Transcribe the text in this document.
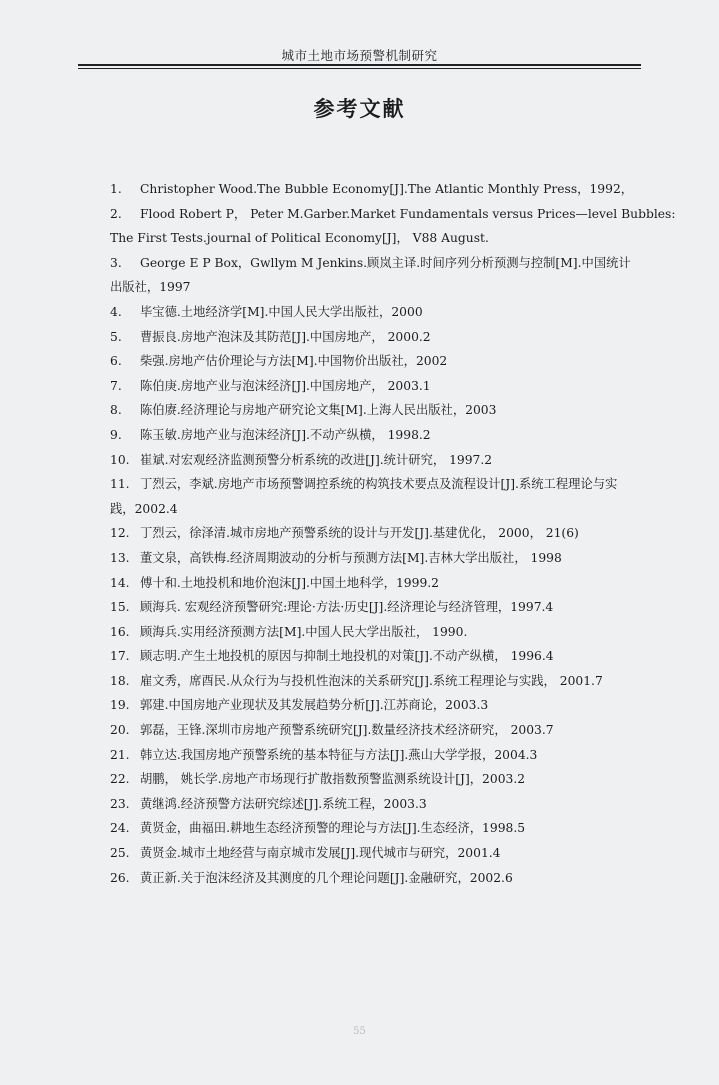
城市土地市场预警机制研究
参考文献
1. Christopher Wood.The Bubble Economy[J].The Atlantic Monthly Press，1992，
2. Flood Robert P， Peter M.Garber.Market Fundamentals versus Prices—level Bubbles:
The First Tests.journal of Political Economy[J]， V88 August.
3. George E P Box，Gwllym M Jenkins.顾岚主译.时间序列分析预测与控制[M].中国统计
出版社，1997
4. 毕宝德.土地经济学[M].中国人民大学出版社，2000
5. 曹振良.房地产泡沫及其防范[J].中国房地产， 2000.2
6. 柴强.房地产估价理论与方法[M].中国物价出版社，2002
7. 陈伯庚.房地产业与泡沫经济[J].中国房地产， 2003.1
8. 陈伯赓.经济理论与房地产研究论文集[M].上海人民出版社，2003
9. 陈玉敏.房地产业与泡沫经济[J].不动产纵横， 1998.2
10. 崔斌.对宏观经济监测预警分析系统的改进[J].统计研究， 1997.2
11. 丁烈云，李斌.房地产市场预警调控系统的构筑技术要点及流程设计[J].系统工程理论与实
践，2002.4
12. 丁烈云，徐泽清.城市房地产预警系统的设计与开发[J].基建优化， 2000， 21(6)
13. 董文泉，高铁梅.经济周期波动的分析与预测方法[M].吉林大学出版社， 1998
14. 傅十和.土地投机和地价泡沫[J].中国土地科学，1999.2
15. 顾海兵. 宏观经济预警研究:理论·方法·历史[J].经济理论与经济管理，1997.4
16. 顾海兵.实用经济预测方法[M].中国人民大学出版社， 1990.
17. 顾志明.产生土地投机的原因与抑制土地投机的对策[J].不动产纵横， 1996.4
18. 雇文秀，席酉民.从众行为与投机性泡沫的关系研究[J].系统工程理论与实践， 2001.7
19. 郭建.中国房地产业现状及其发展趋势分析[J].江苏商论，2003.3
20. 郭磊，王锋.深圳市房地产预警系统研究[J].数量经济技术经济研究， 2003.7
21. 韩立达.我国房地产预警系统的基本特征与方法[J].燕山大学学报，2004.3
22. 胡鹏， 姚长学.房地产市场现行扩散指数预警监测系统设计[J]，2003.2
23. 黄继鸿.经济预警方法研究综述[J].系统工程，2003.3
24. 黄贤金，曲福田.耕地生态经济预警的理论与方法[J].生态经济，1998.5
25. 黄贤金.城市土地经营与南京城市发展[J].现代城市与研究，2001.4
26. 黄正新.关于泡沫经济及其测度的几个理论问题[J].金融研究，2002.6
55
